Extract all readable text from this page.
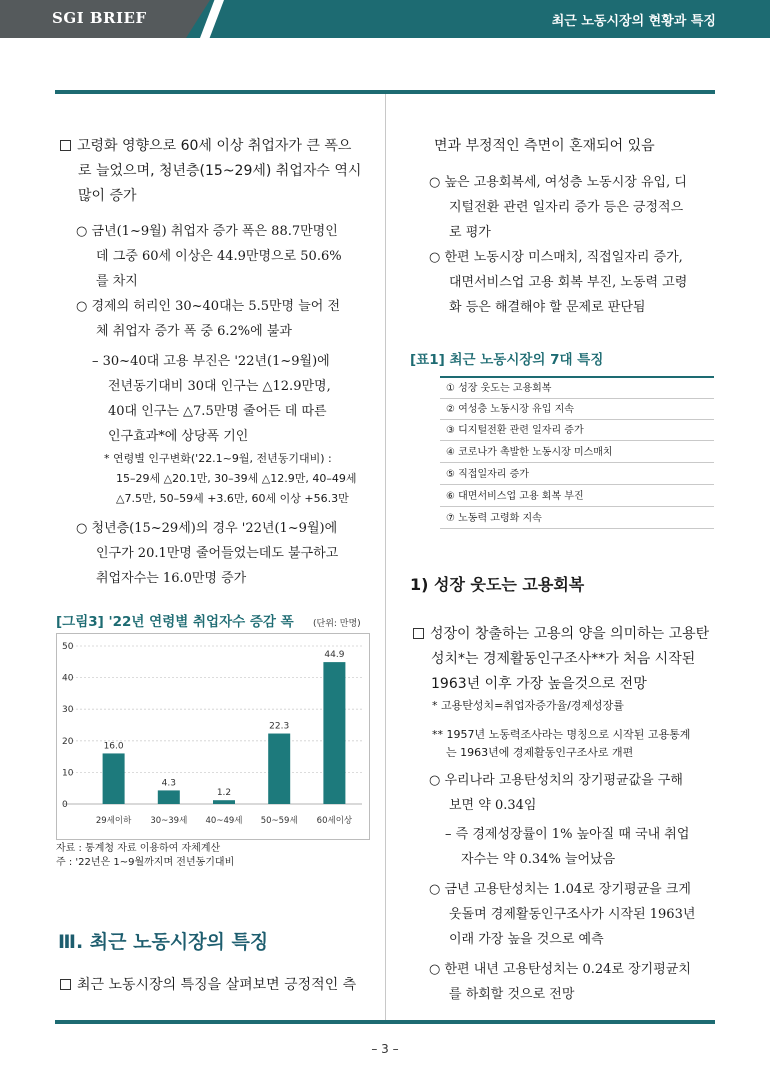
SGI BRIEF	최근 노동시장의 현황과 특징
고령화 영향으로 60세 이상 취업자가 큰 폭으
로 늘었으며, 청년층(15~29세) 취업자수 역시
많이 증가
○ 금년(1~9월) 취업자 증가 폭은 88.7만명인
데 그중 60세 이상은 44.9만명으로 50.6%
를 차지
○ 경제의 허리인 30~40대는 5.5만명 늘어 전
체 취업자 증가 폭 중 6.2%에 불과
– 30~40대 고용 부진은 '22년(1~9월)에
전년동기대비 30대 인구는 △12.9만명,
40대 인구는 △7.5만명 줄어든 데 따른
인구효과*에 상당폭 기인
* 연령별 인구변화('22.1~9월, 전년동기대비) :
15–29세 △20.1만, 30–39세 △12.9만, 40–49세
△7.5만, 50–59세 +3.6만, 60세 이상 +56.3만
○ 청년층(15~29세)의 경우 '22년(1~9월)에
인구가 20.1만명 줄어들었는데도 불구하고
취업자수는 16.0만명 증가
[그림3] '22년 연령별 취업자수 증감 폭 (단위: 만명)
0
10
20
30
40
50
16.0
29세이하
4.3
30~39세
1.2
40~49세
22.3
50~59세
44.9
60세이상
자료 : 통계청 자료 이용하여 자체계산
주 : '22년은 1~9월까지며 전년동기대비
Ⅲ. 최근 노동시장의 특징
최근 노동시장의 특징을 살펴보면 긍정적인 측
면과 부정적인 측면이 혼재되어 있음
○ 높은 고용회복세, 여성층 노동시장 유입, 디
지털전환 관련 일자리 증가 등은 긍정적으
로 평가
○ 한편 노동시장 미스매치, 직접일자리 증가,
대면서비스업 고용 회복 부진, 노동력 고령
화 등은 해결해야 할 문제로 판단됨
[표1] 최근 노동시장의 7대 특징
① 성장 웃도는 고용회복
② 여성층 노동시장 유입 지속
③ 디지털전환 관련 일자리 증가
④ 코로나가 촉발한 노동시장 미스매치
⑤ 직접일자리 증가
⑥ 대면서비스업 고용 회복 부진
⑦ 노동력 고령화 지속
1) 성장 웃도는 고용회복
성장이 창출하는 고용의 양을 의미하는 고용탄
성치*는 경제활동인구조사**가 처음 시작된
1963년 이후 가장 높을것으로 전망
* 고용탄성치=취업자증가율/경제성장률
** 1957년 노동력조사라는 명칭으로 시작된 고용통계
는 1963년에 경제활동인구조사로 개편
○ 우리나라 고용탄성치의 장기평균값을 구해
보면 약 0.34임
– 즉 경제성장률이 1% 높아질 때 국내 취업
자수는 약 0.34% 늘어났음
○ 금년 고용탄성치는 1.04로 장기평균을 크게
웃돌며 경제활동인구조사가 시작된 1963년
이래 가장 높을 것으로 예측
○ 한편 내년 고용탄성치는 0.24로 장기평균치
를 하회할 것으로 전망
– 3 –
